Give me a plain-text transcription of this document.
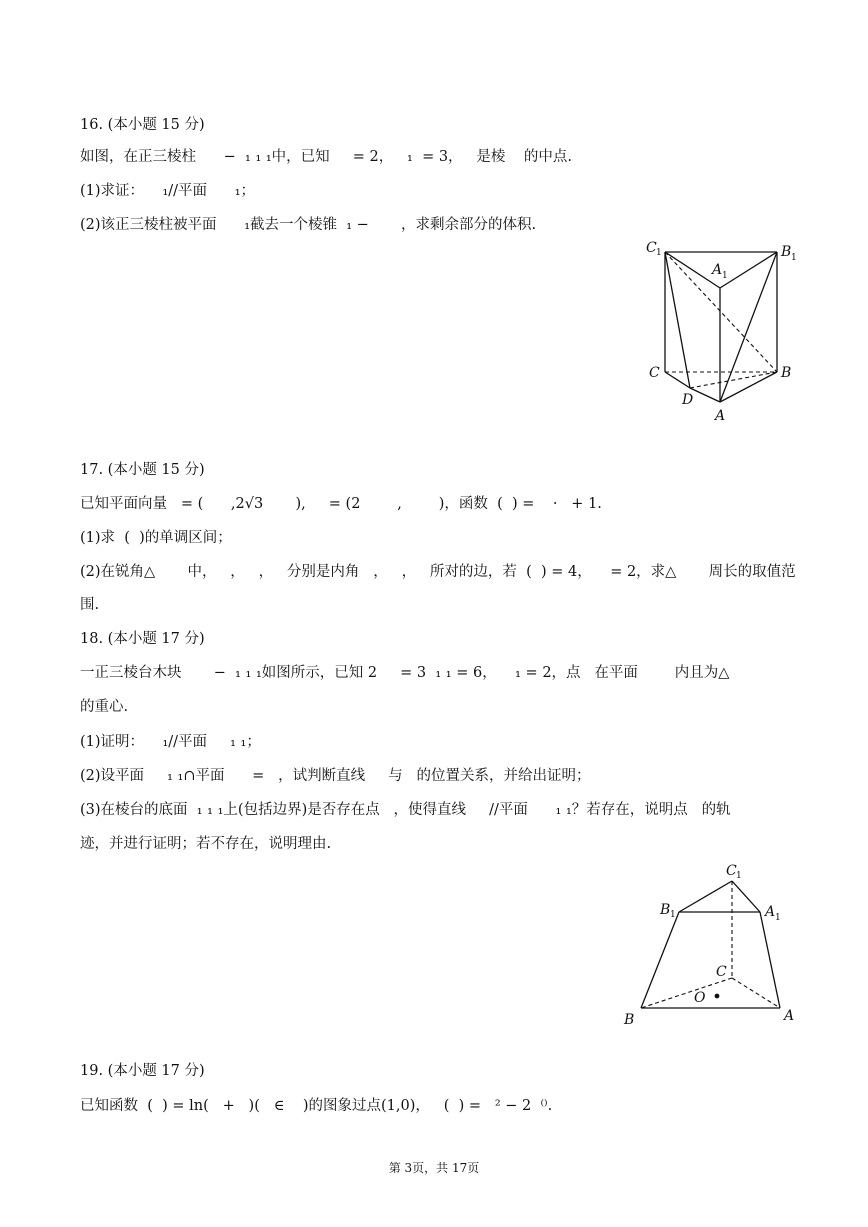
16. (本小题 15 分)
如图，在正三棱柱      −  ₁ ₁ ₁中，已知     = 2，   ₁  = 3，   是棱    的中点.
(1)求证：    ₁//平面      ₁；
(2)该正三棱柱被平面      ₁截去一个棱锥  ₁ −       ，求剩余部分的体积.
C 1	B 1
A 1
C	B
D
A
17. (本小题 15 分)
已知平面向量   = (      ,2√3       ),     = (2        ,        )，函数  (  ) =    ·   + 1.
(1)求  (  )的单调区间；
(2)在锐角△       中，   ，   ，   分别是内角   ，   ，   所对的边，若  (  ) = 4，    = 2，求△       周长的取值范
围.
18. (本小题 17 分)
一正三棱台木块       −  ₁ ₁ ₁如图所示，已知 2     = 3  ₁ ₁ = 6，    ₁ = 2，点   在平面        内且为△
的重心.
(1)证明：    ₁//平面     ₁ ₁；
(2)设平面     ₁ ₁∩平面      =   ，试判断直线     与   的位置关系，并给出证明；
(3)在棱台的底面  ₁ ₁ ₁上(包括边界)是否存在点   ，使得直线     //平面      ₁ ₁？若存在，说明点   的轨
迹，并进行证明；若不存在，说明理由.
C 1
B 1	A 1
C
O
B	A
19. (本小题 17 分)
已知函数  (  ) = ln(   +   )(   ∈    )的图象过点(1,0)，   (  ) =   ² − 2  ⁽⁾.
第 3页，共 17页
